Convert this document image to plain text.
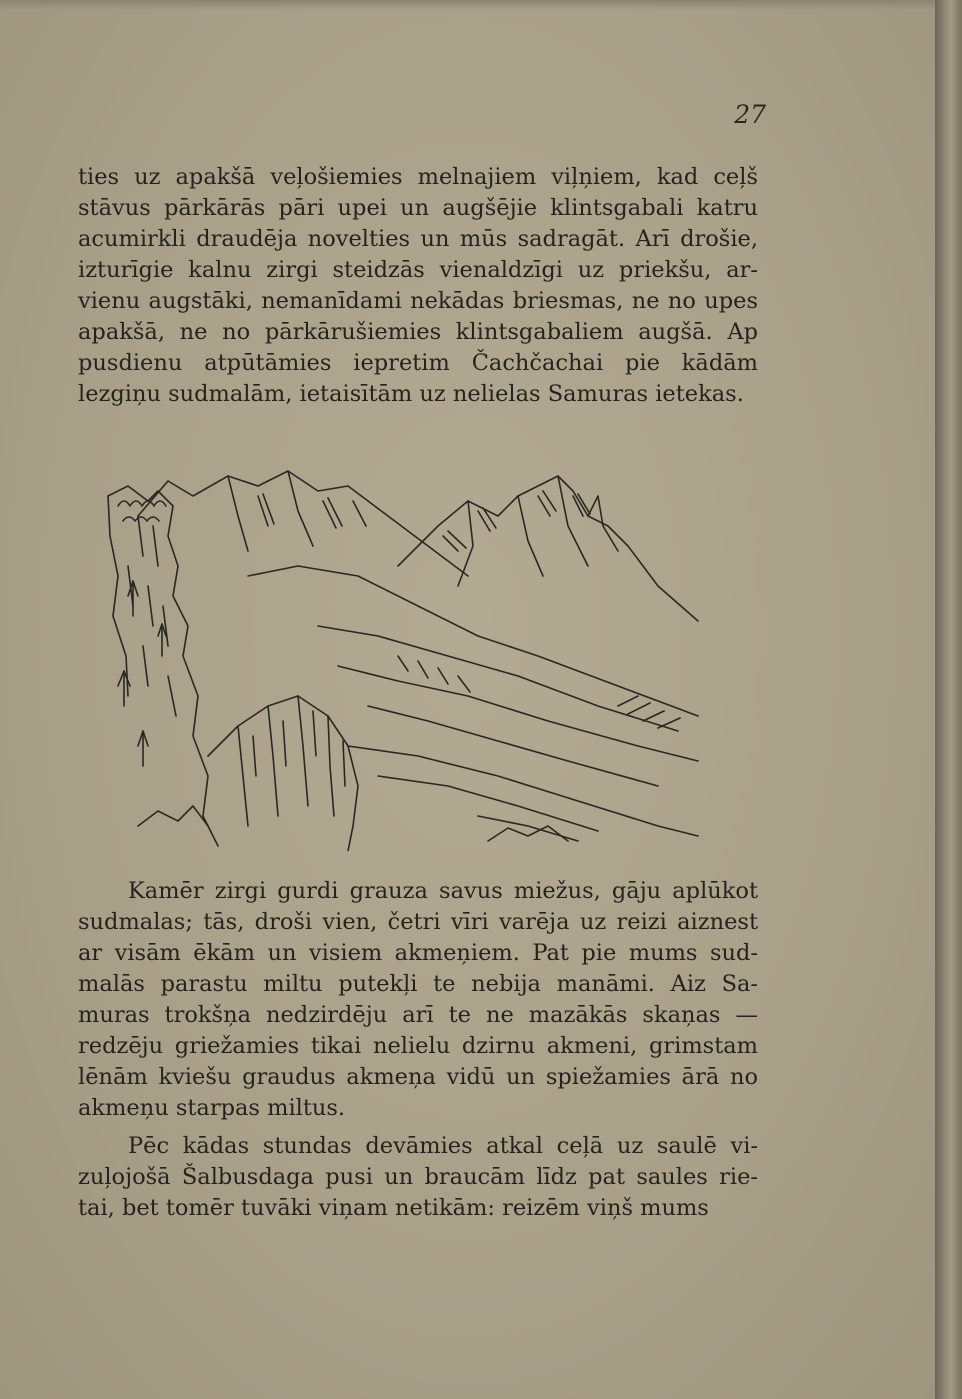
27

ties uz apakšā veļošiemies melnajiem viļņiem, kad ceļš stāvus pārkārās pāri upei un augšējie klintsgabali katru acumirkli draudēja novelties un mūs sadragāt. Arī drošie, izturīgie kalnu zirgi steidzās vienaldzīgi uz priekšu, ar-vienu augstāki, nemanīdami nekādas briesmas, ne no upes apakšā, ne no pārkārušiemies klintsgabaliem augšā. Ap pusdienu atpūtāmies iepretim Čachčachai pie kādām lezgiņu sudmalām, ietaisītām uz nelielas Samuras ietekas.

Kamēr zirgi gurdi grauza savus miežus, gāju aplūkot sudmalas; tās, droši vien, četri vīri varēja uz reizi aiznest ar visām ēkām un visiem akmeņiem. Pat pie mums sud-malās parastu miltu putekļi te nebija manāmi. Aiz Sa-muras trokšņa nedzirdēju arī te ne mazākās skaņas — redzēju griežamies tikai nelielu dzirnu akmeni, grimstam lēnām kviešu graudus akmeņa vidū un spiežamies ārā no akmeņu starpas miltus.

Pēc kādas stundas devāmies atkal ceļā uz saulē vi-zuļojošā Šalbusdaga pusi un braucām līdz pat saules rie-tai, bet tomēr tuvāki viņam netikām: reizēm viņš mums
